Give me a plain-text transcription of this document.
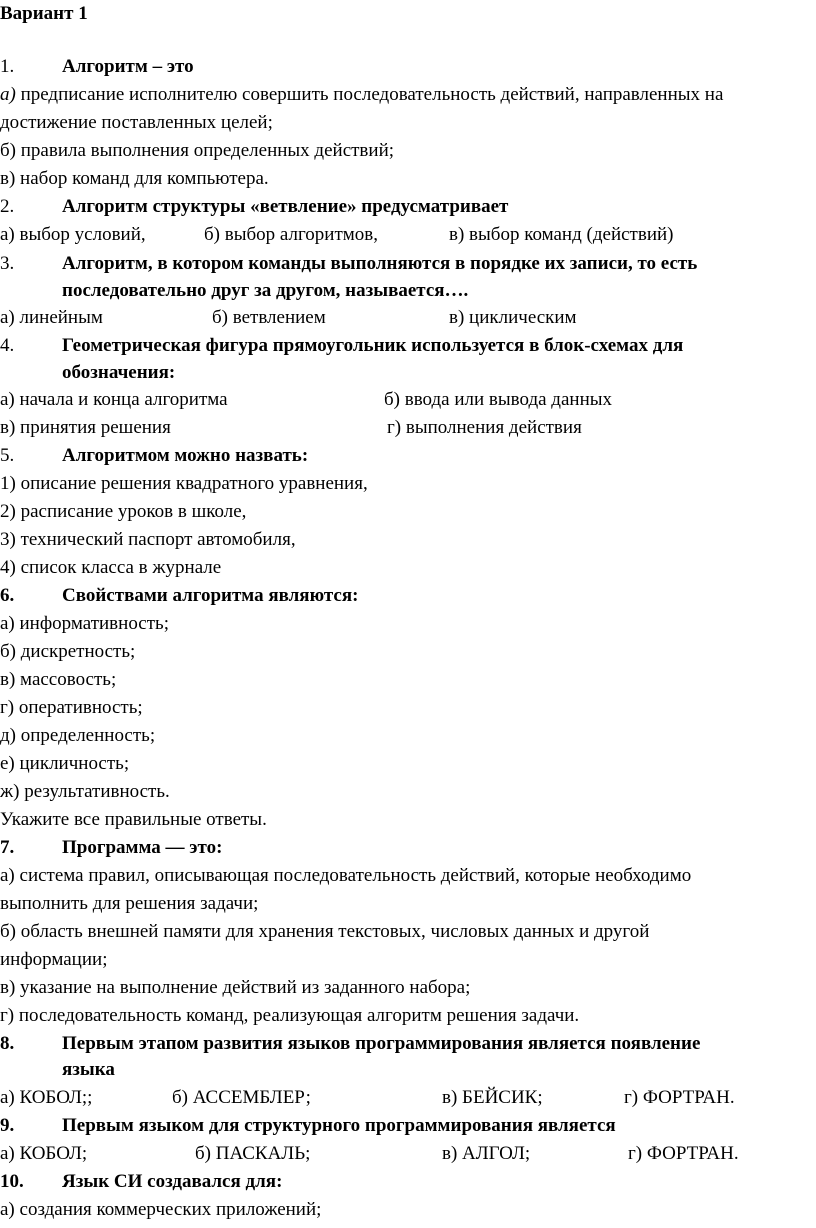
Вариант 1
1.	Алгоритм – это
а) предписание исполнителю совершить последовательность действий, направленных на
достижение поставленных целей;
б) правила выполнения определенных действий;
в) набор команд для компьютера.
2.	Алгоритм структуры «ветвление» предусматривает
а) выбор условий,	б) выбор алгоритмов,	в) выбор команд (действий)
3.	Алгоритм, в котором команды выполняются в порядке их записи, то есть
последовательно друг за другом, называется….
а) линейным	б) ветвлением	в) циклическим
4.	Геометрическая фигура прямоугольник используется в блок-схемах для
обозначения:
а) начала и конца алгоритма	б) ввода или вывода данных
в) принятия решения	г) выполнения действия
5.	Алгоритмом можно назвать:
1) описание решения квадратного уравнения,
2) расписание уроков в школе,
3) технический паспорт автомобиля,
4) список класса в журнале
6.	Свойствами алгоритма являются:
а) информативность;
б) дискретность;
в) массовость;
г) оперативность;
д) определенность;
е) цикличность;
ж) результативность.
Укажите все правильные ответы.
7.	Программа — это:
а) система правил, описывающая последовательность действий, которые необходимо
выполнить для решения задачи;
б) область внешней памяти для хранения текстовых, числовых данных и другой
информации;
в) указание на выполнение действий из заданного набора;
г) последовательность команд, реализующая алгоритм решения задачи.
8.	Первым этапом развития языков программирования является появление
языка
а) КОБОЛ;;	б) АССЕМБЛЕР;	в) БЕЙСИК;	г) ФОРТРАН.
9.	Первым языком для структурного программирования является
а) КОБОЛ;	б) ПАСКАЛЬ;	в) АЛГОЛ;	г) ФОРТРАН.
10. Язык СИ создавался для:
а) создания коммерческих приложений;
